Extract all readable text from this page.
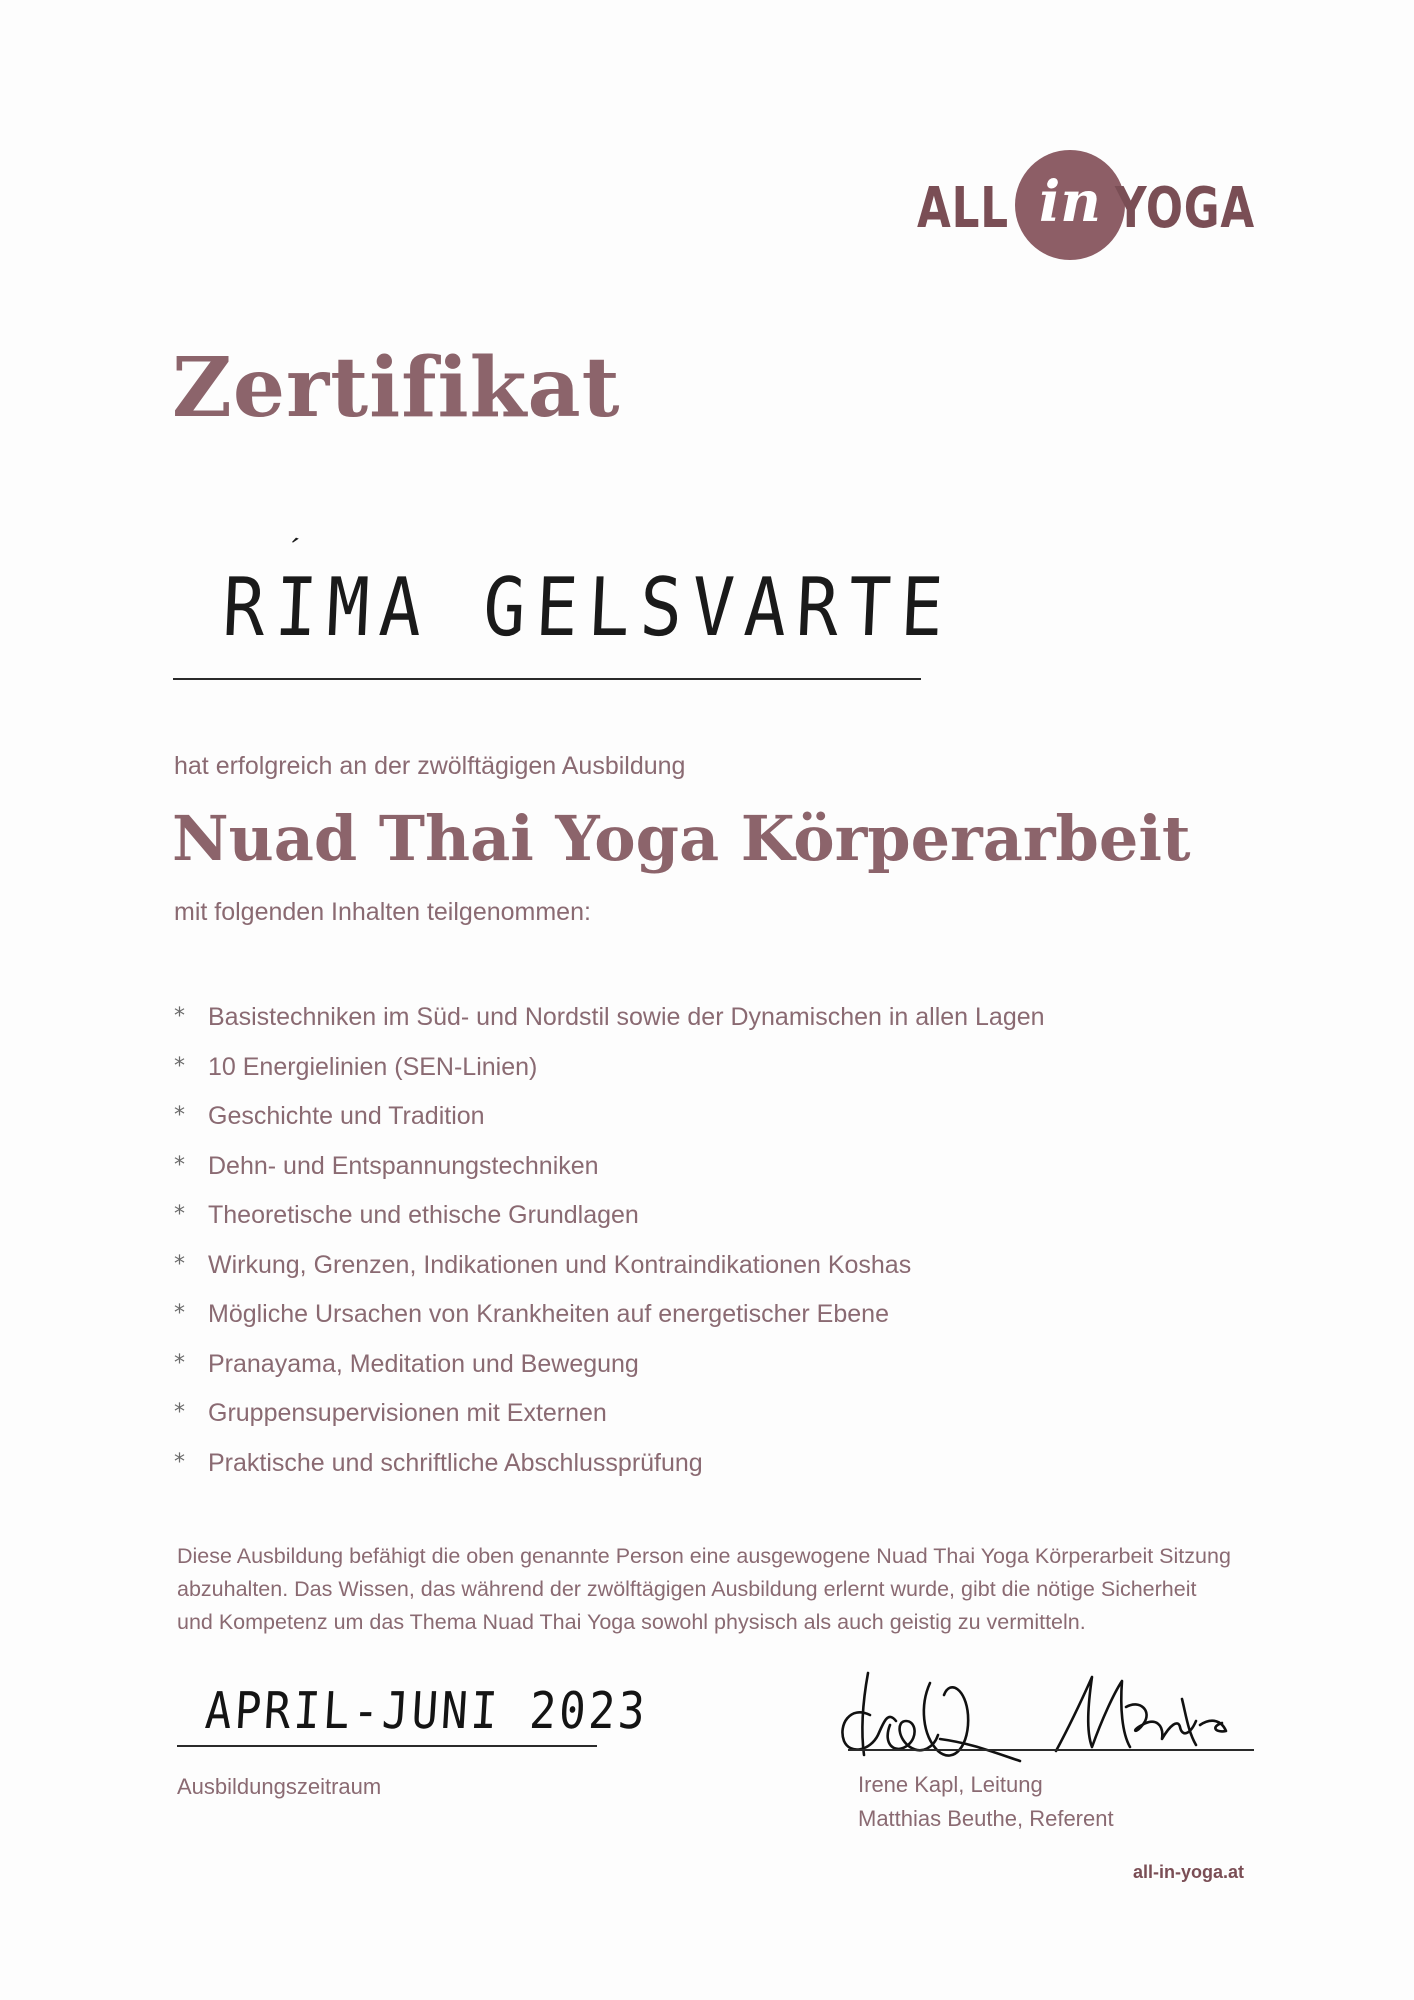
ALL in YOGA
Zertifikat
′
RIMA GELSVARTE
hat erfolgreich an der zwölftägigen Ausbildung
Nuad Thai Yoga Körperarbeit
mit folgenden Inhalten teilgenommen:
* Basistechniken im Süd- und Nordstil sowie der Dynamischen in allen Lagen
* 10 Energielinien (SEN-Linien)
* Geschichte und Tradition
* Dehn- und Entspannungstechniken
* Theoretische und ethische Grundlagen
* Wirkung, Grenzen, Indikationen und Kontraindikationen Koshas
* Mögliche Ursachen von Krankheiten auf energetischer Ebene
* Pranayama, Meditation und Bewegung
* Gruppensupervisionen mit Externen
* Praktische und schriftliche Abschlussprüfung

Diese Ausbildung befähigt die oben genannte Person eine ausgewogene Nuad Thai Yoga Körperarbeit Sitzung abzuhalten. Das Wissen, das während der zwölftägigen Ausbildung erlernt wurde, gibt die nötige Sicherheit und Kompetenz um das Thema Nuad Thai Yoga sowohl physisch als auch geistig zu vermitteln.

APRIL-JUNI 2023
Ausbildungszeitraum	Irene Kapl, Leitung
Matthias Beuthe, Referent
all-in-yoga.at
